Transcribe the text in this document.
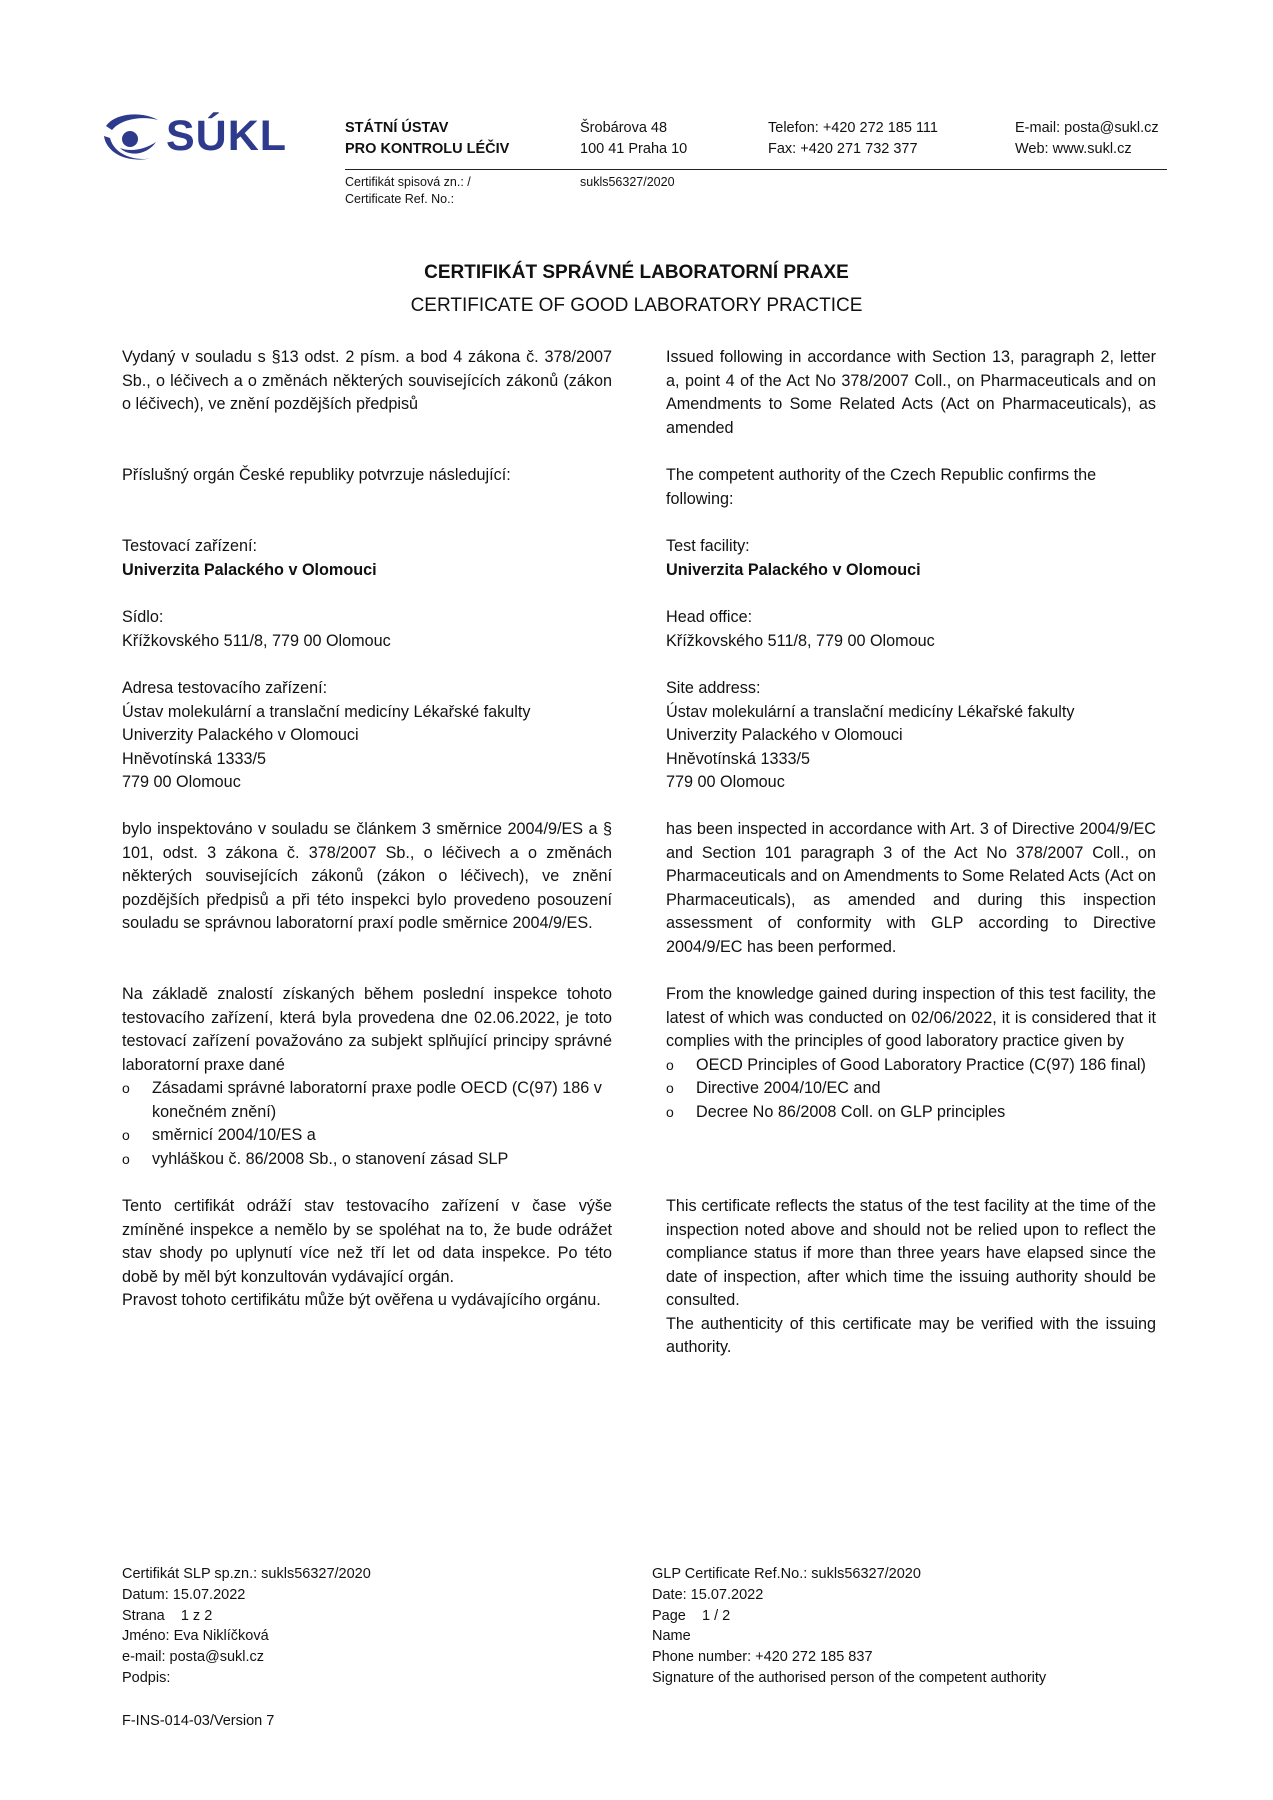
SÚKL	STÁTNÍ ÚSTAV
PRO KONTROLU LÉČIV
Šrobárova 48
100 41 Praha 10
Telefon: +420 272 185 111
Fax: +420 271 732 377
E-mail: posta@sukl.cz
Web: www.sukl.cz
Certifikát spisová zn.: /
Certificate Ref. No.:
sukls56327/2020
CERTIFIKÁT SPRÁVNÉ LABORATORNÍ PRAXE
CERTIFICATE OF GOOD LABORATORY PRACTICE
Vydaný v souladu s §13 odst. 2 písm. a bod 4 zákona č. 378/2007 Sb., o léčivech a o změnách některých souvisejících zákonů (zákon o léčivech), ve znění pozdějších předpisů
Příslušný orgán České republiky potvrzuje následující:
Testovací zařízení:
Univerzita Palackého v Olomouci
Sídlo:
Křížkovského 511/8, 779 00 Olomouc
Adresa testovacího zařízení:
Ústav molekulární a translační medicíny Lékařské fakulty
Univerzity Palackého v Olomouci
Hněvotínská 1333/5
779 00 Olomouc
bylo inspektováno v souladu se článkem 3 směrnice 2004/9/ES a § 101, odst. 3 zákona č. 378/2007 Sb., o léčivech a o změnách některých souvisejících zákonů (zákon o léčivech), ve znění pozdějších předpisů a při této inspekci bylo provedeno posouzení souladu se správnou laboratorní praxí podle směrnice 2004/9/ES.
Na základě znalostí získaných během poslední inspekce tohoto testovacího zařízení, která byla provedena dne 02.06.2022, je toto testovací zařízení považováno za subjekt splňující principy správné laboratorní praxe dané
o Zásadami správné laboratorní praxe podle OECD (C(97) 186 v konečném znění)
o směrnicí 2004/10/ES a
o vyhláškou č. 86/2008 Sb., o stanovení zásad SLP
Tento certifikát odráží stav testovacího zařízení v čase výše zmíněné inspekce a nemělo by se spoléhat na to, že bude odrážet stav shody po uplynutí více než tří let od data inspekce. Po této době by měl být konzultován vydávající orgán.
Pravost tohoto certifikátu může být ověřena u vydávajícího orgánu.
Issued following in accordance with Section 13, paragraph 2, letter a, point 4 of the Act No 378/2007 Coll., on Pharmaceuticals and on Amendments to Some Related Acts (Act on Pharmaceuticals), as amended
The competent authority of the Czech Republic confirms the following:
Test facility:
Univerzita Palackého v Olomouci
Head office:
Křížkovského 511/8, 779 00 Olomouc
Site address:
Ústav molekulární a translační medicíny Lékařské fakulty
Univerzity Palackého v Olomouci
Hněvotínská 1333/5
779 00 Olomouc
has been inspected in accordance with Art. 3 of Directive 2004/9/EC and Section 101 paragraph 3 of the Act No 378/2007 Coll., on Pharmaceuticals and on Amendments to Some Related Acts (Act on Pharmaceuticals), as amended and during this inspection assessment of conformity with GLP according to Directive 2004/9/EC has been performed.
From the knowledge gained during inspection of this test facility, the latest of which was conducted on 02/06/2022, it is considered that it complies with the principles of good laboratory practice given by
o OECD Principles of Good Laboratory Practice (C(97) 186 final)
o Directive 2004/10/EC and
o Decree No 86/2008 Coll. on GLP principles
This certificate reflects the status of the test facility at the time of the inspection noted above and should not be relied upon to reflect the compliance status if more than three years have elapsed since the date of inspection, after which time the issuing authority should be consulted.
The authenticity of this certificate may be verified with the issuing authority.
Certifikát SLP sp.zn.: sukls56327/2020
Datum: 15.07.2022
Strana    1 z 2
Jméno: Eva Niklíčková
e-mail: posta@sukl.cz
Podpis:
GLP Certificate Ref.No.: sukls56327/2020
Date: 15.07.2022
Page    1 / 2
Name
Phone number: +420 272 185 837
Signature of the authorised person of the competent authority
F-INS-014-03/Version 7
